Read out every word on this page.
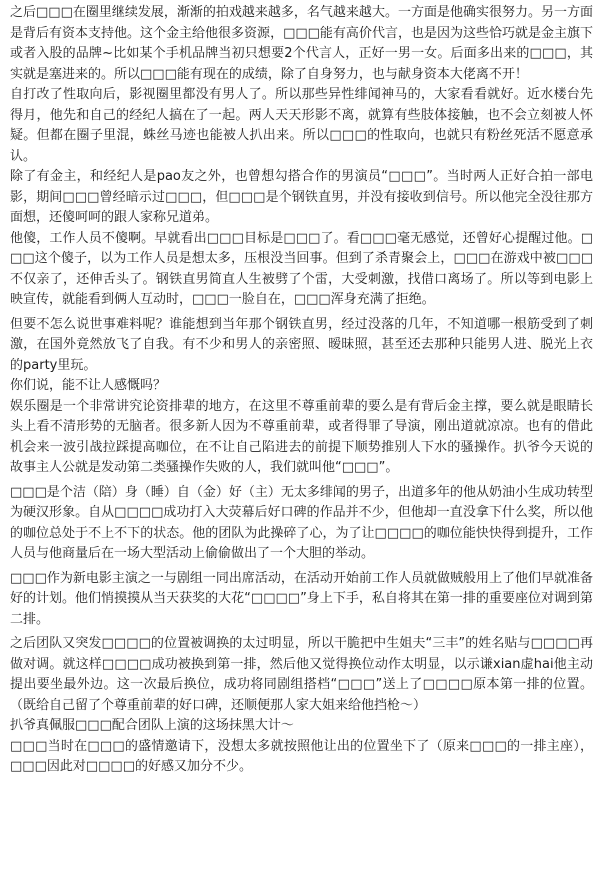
之后□□□在圈里继续发展，渐渐的拍戏越来越多，名气越来越大。一方面是他确实很努力。另一方面是背后有资本支持他。这个金主给他很多资源，□□□能有高价代言，也是因为这些恰巧就是金主旗下或者入股的品牌~比如某个手机品牌当初只想要2个代言人，正好一男一女。后面多出来的□□□，其实就是塞进来的。所以□□□能有现在的成绩，除了自身努力，也与献身资本大佬离不开！

自打改了性取向后，影视圈里都没有男人了。所以那些异性绯闻神马的，大家看看就好。近水楼台先得月，他先和自己的经纪人搞在了一起。两人天天形影不离，就算有些肢体接触，也不会立刻被人怀疑。但都在圈子里混，蛛丝马迹也能被人扒出来。所以□□□的性取向，也就只有粉丝死活不愿意承认。

除了有金主，和经纪人是pao友之外，也曾想勾搭合作的男演员“□□□”。当时两人正好合拍一部电影，期间□□□曾经暗示过□□□，但□□□是个钢铁直男，并没有接收到信号。所以他完全没往那方面想，还傻呵呵的跟人家称兄道弟。

他傻，工作人员不傻啊。早就看出□□□目标是□□□了。看□□□毫无感觉，还曾好心提醒过他。□□□这个傻子，以为工作人员是想太多，压根没当回事。但到了杀青聚会上，□□□在游戏中被□□□不仅亲了，还伸舌头了。钢铁直男简直人生被劈了个雷，大受刺激，找借口离场了。所以等到电影上映宣传，就能看到俩人互动时，□□□一脸自在，□□□浑身充满了拒绝。

但要不怎么说世事难料呢？谁能想到当年那个钢铁直男，经过没落的几年，不知道哪一根筋受到了刺激，在国外竟然放飞了自我。有不少和男人的亲密照、暧昧照，甚至还去那种只能男人进、脱光上衣的party里玩。

你们说，能不让人感慨吗？

娱乐圈是一个非常讲究论资排辈的地方，在这里不尊重前辈的要么是有背后金主撑，要么就是眼睛长头上看不清形势的无脑者。很多新人因为不尊重前辈，或者得罪了导演，刚出道就凉凉。也有的借此机会来一波引战拉踩提高咖位，在不让自己陷进去的前提下顺势推别人下水的骚操作。扒爷今天说的故事主人公就是发动第二类骚操作失败的人，我们就叫他“□□□”。

□□□是个洁（陪）身（睡）自（金）好（主）无太多绯闻的男子，出道多年的他从奶油小生成功转型为硬汉形象。自从□□□□成功打入大荧幕后好口碑的作品并不少，但他却一直没拿下什么奖，所以他的咖位总处于不上不下的状态。他的团队为此操碎了心，为了让□□□□的咖位能快快得到提升，工作人员与他商量后在一场大型活动上偷偷做出了一个大胆的举动。

□□□作为新电影主演之一与剧组一同出席活动，在活动开始前工作人员就做贼般用上了他们早就准备好的计划。他们悄摸摸从当天获奖的大花“□□□□”身上下手，私自将其在第一排的重要座位对调到第二排。

之后团队又突发□□□□的位置被调换的太过明显，所以干脆把中生姐夫“三丰”的姓名贴与□□□□再做对调。就这样□□□□成功被换到第一排，然后他又觉得换位动作太明显，以示谦xian虚hai他主动提出要坐最外边。这一次最后换位，成功将同剧组搭档“□□□”送上了□□□□原本第一排的位置。（既给自己留了个尊重前辈的好口碑，还顺便那人家大姐来给他挡枪～）

扒爷真佩服□□□配合团队上演的这场抹黑大计～

□□□当时在□□□的盛情邀请下，没想太多就按照他让出的位置坐下了（原来□□□的一排主座），□□□因此对□□□□的好感又加分不少。
